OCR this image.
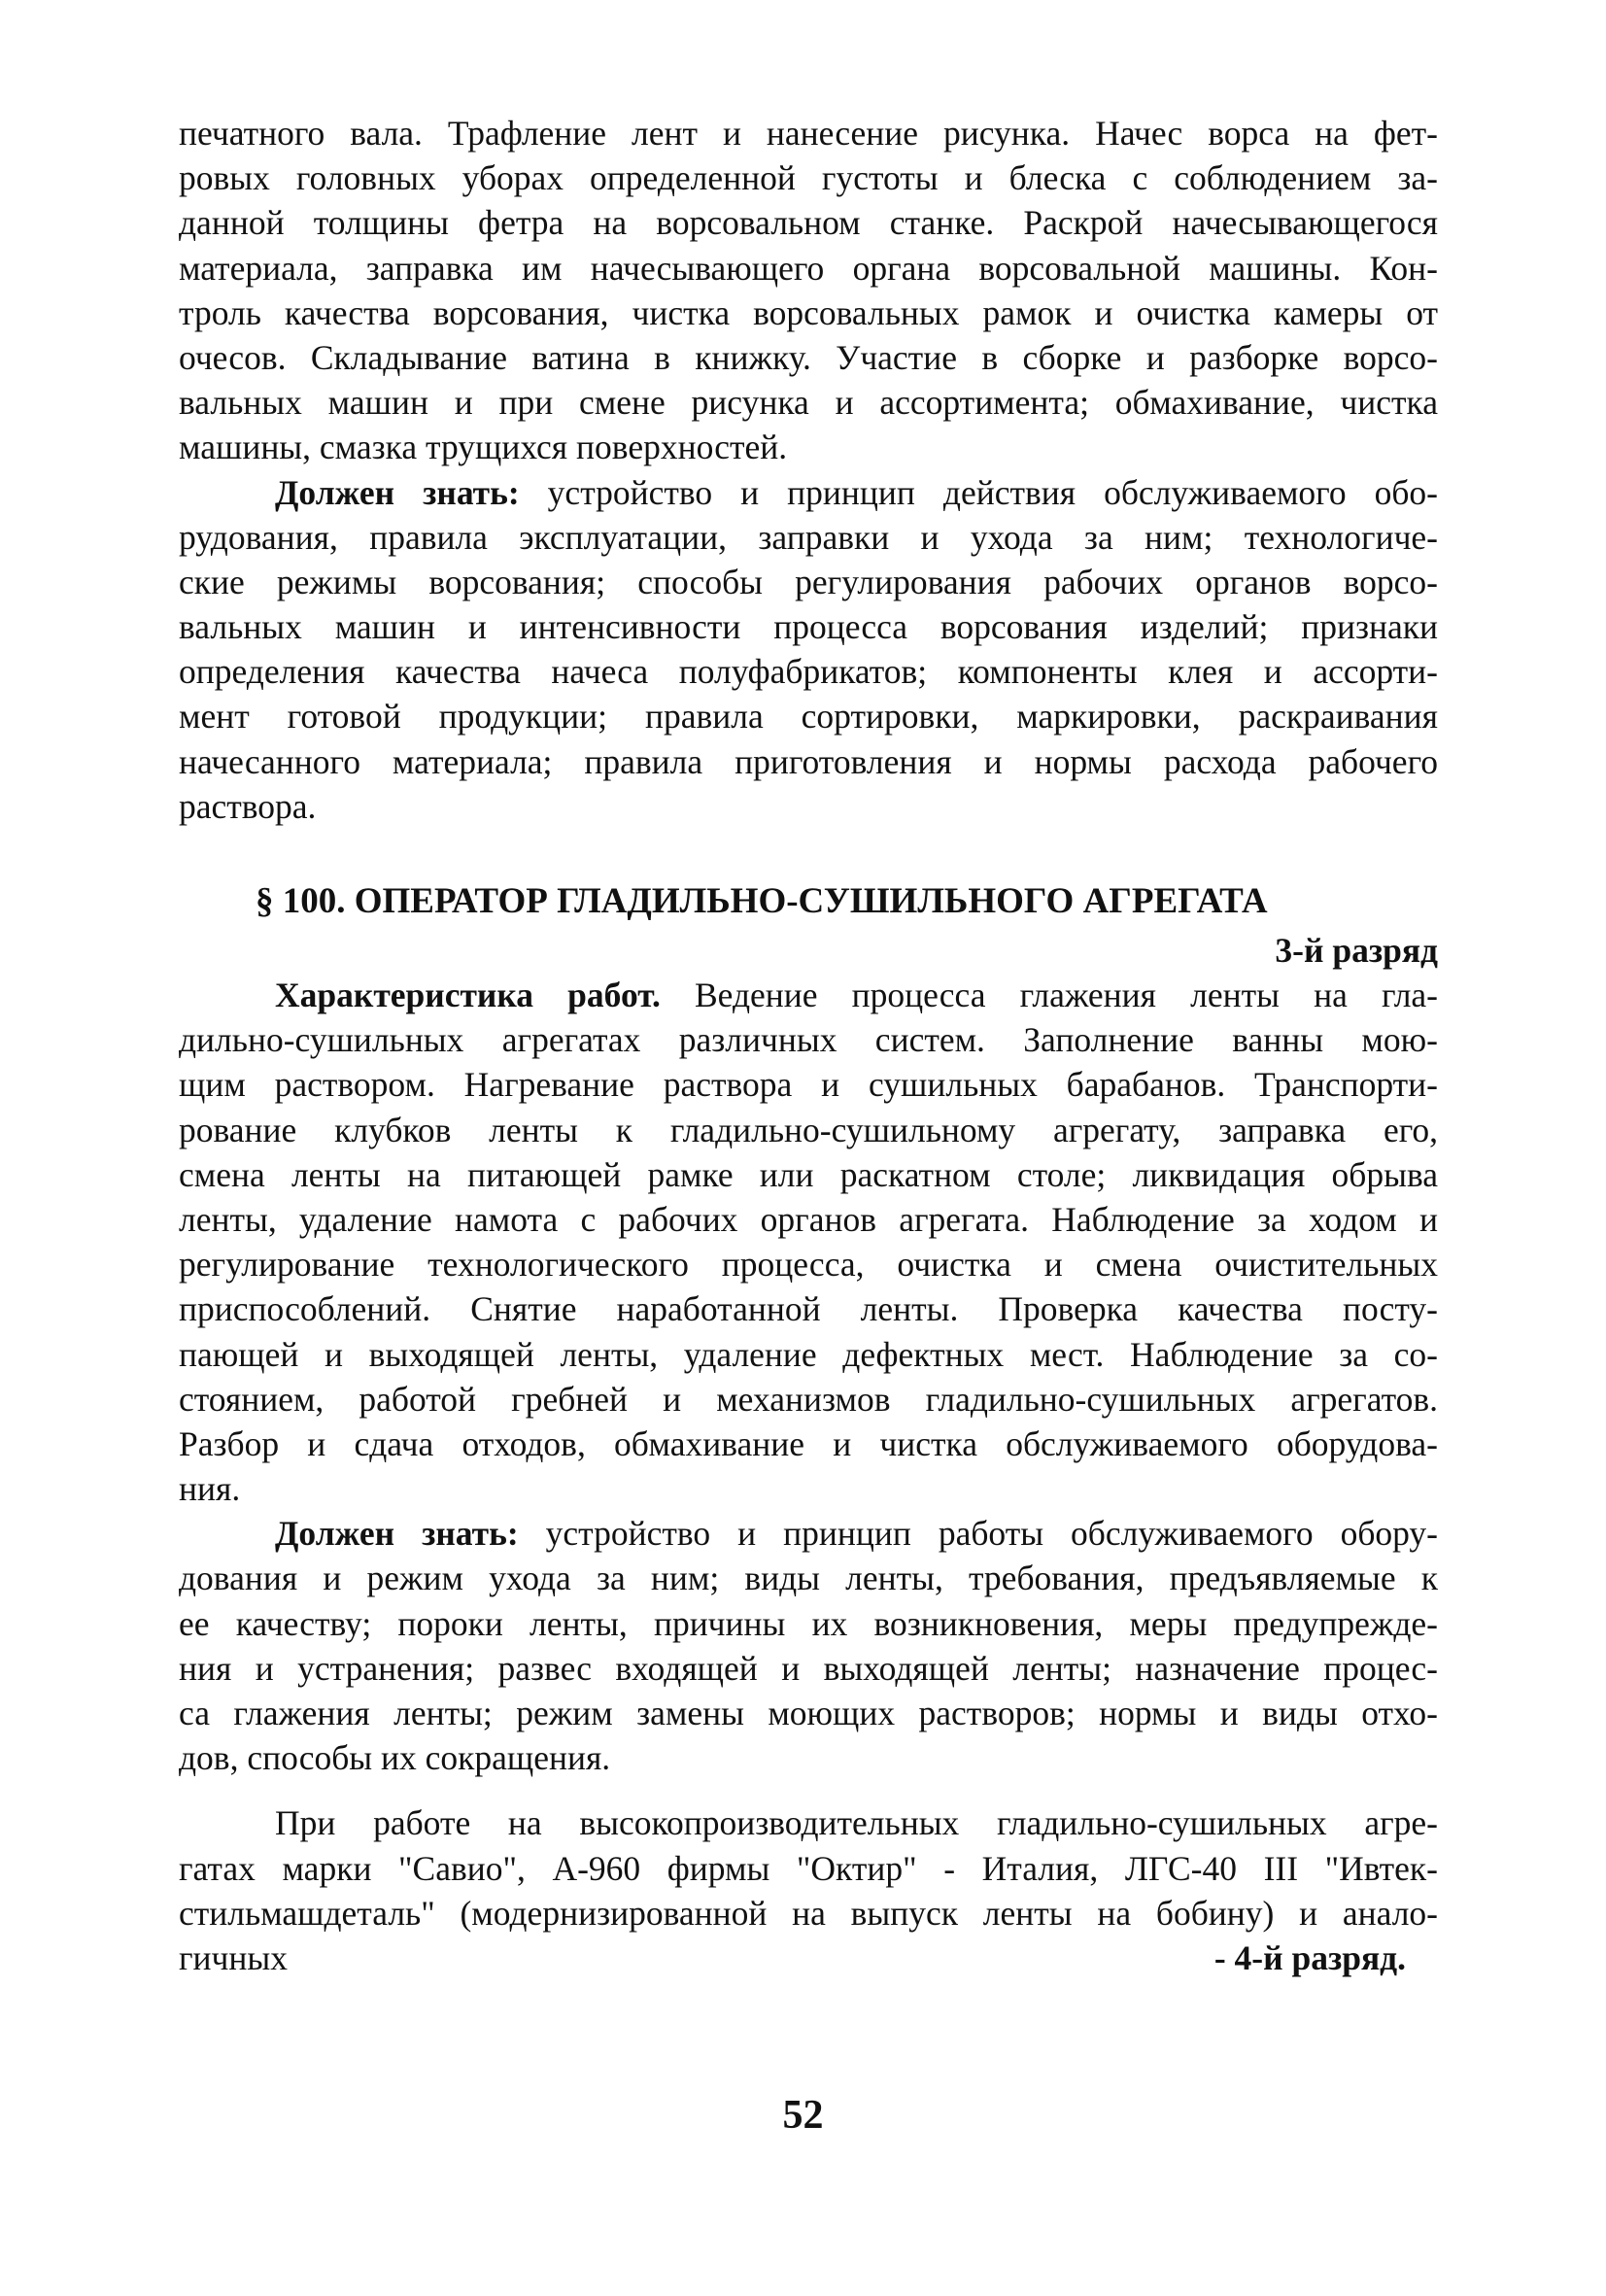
печатного вала. Трафление лент и нанесение рисунка. Начес ворса на фет-
ровых головных уборах определенной густоты и блеска с соблюдением за-
данной толщины фетра на ворсовальном станке. Раскрой начесывающегося
материала, заправка им начесывающего органа ворсовальной машины. Кон-
троль качества ворсования, чистка ворсовальных рамок и очистка камеры от
очесов. Складывание ватина в книжку. Участие в сборке и разборке ворсо-
вальных машин и при смене рисунка и ассортимента; обмахивание, чистка
машины, смазка трущихся поверхностей.
Должен знать: устройство и принцип действия обслуживаемого обо-
рудования, правила эксплуатации, заправки и ухода за ним; технологиче-
ские режимы ворсования; способы регулирования рабочих органов ворсо-
вальных машин и интенсивности процесса ворсования изделий; признаки
определения качества начеса полуфабрикатов; компоненты клея и ассорти-
мент готовой продукции; правила сортировки, маркировки, раскраивания
начесанного материала; правила приготовления и нормы расхода рабочего
раствора.
§ 100. ОПЕРАТОР ГЛАДИЛЬНО-СУШИЛЬНОГО АГРЕГАТА
3-й разряд
Характеристика работ. Ведение процесса глажения ленты на гла-
дильно-сушильных агрегатах различных систем. Заполнение ванны мою-
щим раствором. Нагревание раствора и сушильных барабанов. Транспорти-
рование клубков ленты к гладильно-сушильному агрегату, заправка его,
смена ленты на питающей рамке или раскатном столе; ликвидация обрыва
ленты, удаление намота с рабочих органов агрегата. Наблюдение за ходом и
регулирование технологического процесса, очистка и смена очистительных
приспособлений. Снятие наработанной ленты. Проверка качества посту-
пающей и выходящей ленты, удаление дефектных мест. Наблюдение за со-
стоянием, работой гребней и механизмов гладильно-сушильных агрегатов.
Разбор и сдача отходов, обмахивание и чистка обслуживаемого оборудова-
ния.
Должен знать: устройство и принцип работы обслуживаемого обору-
дования и режим ухода за ним; виды ленты, требования, предъявляемые к
ее качеству; пороки ленты, причины их возникновения, меры предупрежде-
ния и устранения; развес входящей и выходящей ленты; назначение процес-
са глажения ленты; режим замены моющих растворов; нормы и виды отхо-
дов, способы их сокращения.
При работе на высокопроизводительных гладильно-сушильных агре-
гатах марки "Савио", А-960 фирмы "Октир" - Италия, ЛГС-40 III "Ивтек-
стильмашдеталь" (модернизированной на выпуск ленты на бобину) и анало-
гичных	- 4-й разряд.
52
